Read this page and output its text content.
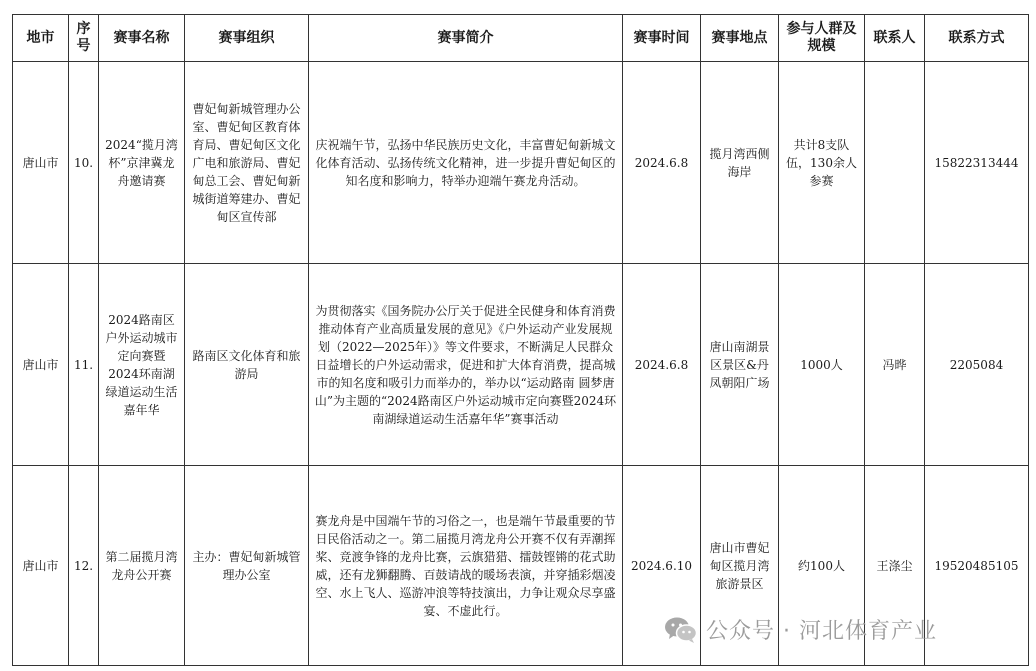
地市	序号	赛事名称	赛事组织	赛事简介	赛事时间	赛事地点	参与人群及规模	联系人	联系方式
唐山市	10.	2024“揽月湾杯”京津冀龙舟邀请赛	曹妃甸新城管理办公室、曹妃甸区教育体育局、曹妃甸区文化广电和旅游局、曹妃甸总工会、曹妃甸新城街道筹建办、曹妃甸区宣传部	庆祝端午节，弘扬中华民族历史文化，丰富曹妃甸新城文化体育活动、弘扬传统文化精神，进一步提升曹妃甸区的知名度和影响力，特举办迎端午赛龙舟活动。	2024.6.8	揽月湾西侧海岸	共计8支队伍，130余人参赛		15822313444
唐山市	11.	2024路南区户外运动城市定向赛暨2024环南湖绿道运动生活嘉年华	路南区文化体育和旅游局	为贯彻落实《国务院办公厅关于促进全民健身和体育消费推动体育产业高质量发展的意见》《户外运动产业发展规划（2022—2025年）》等文件要求，不断满足人民群众日益增长的户外运动需求，促进和扩大体育消费，提高城市的知名度和吸引力而举办的，举办以“运动路南 圆梦唐山”为主题的“2024路南区户外运动城市定向赛暨2024环南湖绿道运动生活嘉年华”赛事活动	2024.6.8	唐山南湖景区景区&丹凤朝阳广场	1000人	冯晔	2205084
唐山市	12.	第二届揽月湾龙舟公开赛	主办：曹妃甸新城管理办公室	赛龙舟是中国端午节的习俗之一，也是端午节最重要的节日民俗活动之一。第二届揽月湾龙舟公开赛不仅有弄潮挥桨、竞渡争锋的龙舟比赛，云旗猎猎、擂鼓铿锵的花式助威，还有龙狮翻腾、百鼓请战的暖场表演，并穿插彩烟凌空、水上飞人、巡游冲浪等特技演出，力争让观众尽享盛宴、不虚此行。	2024.6.10	唐山市曹妃甸区揽月湾旅游景区	约100人	王涤尘	19520485105
公众号 · 河北体育产业
